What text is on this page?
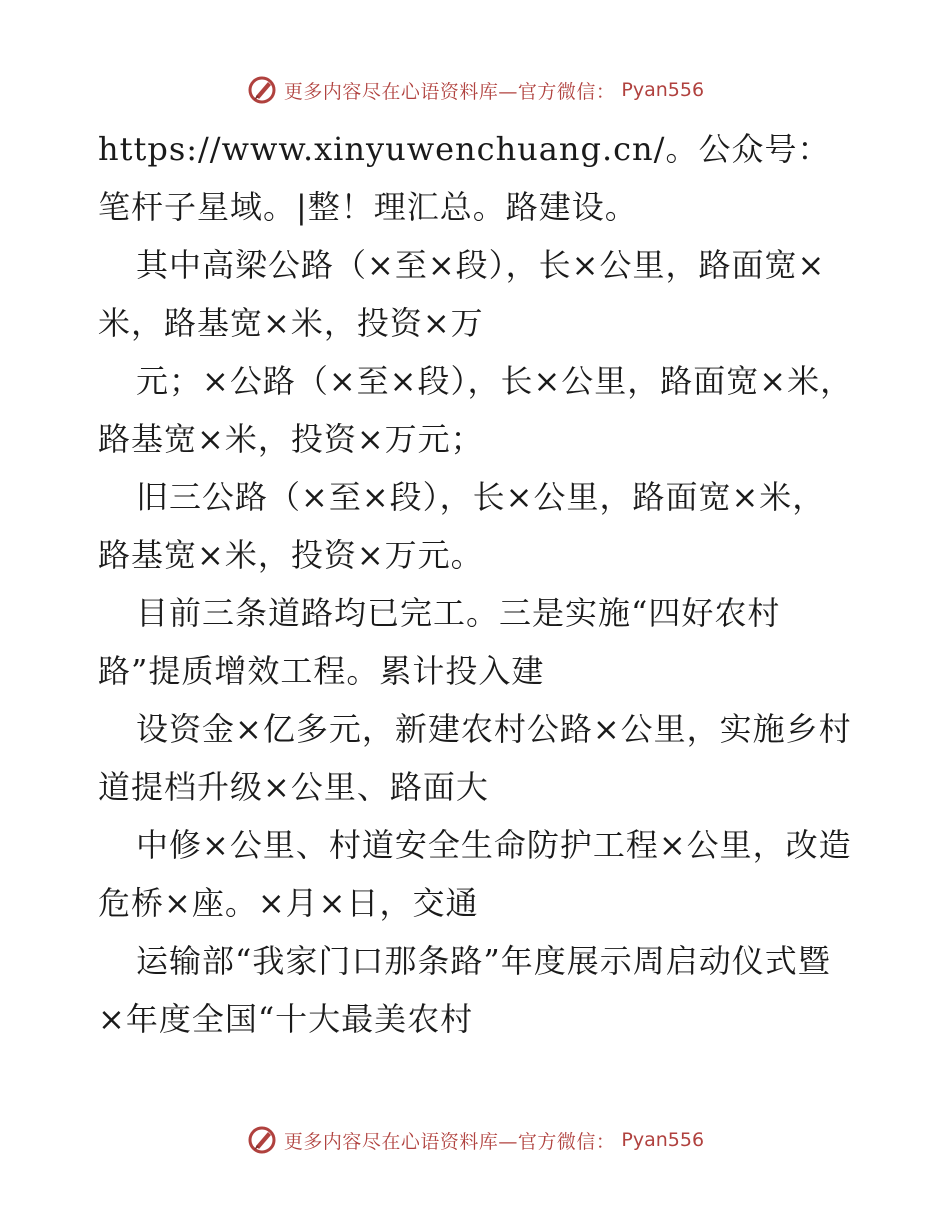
更多内容尽在心语资料库—官方微信： Pyan556

https://www.xinyuwenchuang.cn/。公众号：笔杆子星域。|整！理汇总。路建设。

其中高梁公路（×至×段），长×公里，路面宽×米，路基宽×米，投资×万

元；×公路（×至×段），长×公里，路面宽×米，路基宽×米，投资×万元；

旧三公路（×至×段），长×公里，路面宽×米，路基宽×米，投资×万元。

目前三条道路均已完工。三是实施“四好农村路”提质增效工程。累计投入建

设资金×亿多元，新建农村公路×公里，实施乡村道提档升级×公里、路面大

中修×公里、村道安全生命防护工程×公里，改造危桥×座。×月×日，交通

运输部“我家门口那条路”年度展示周启动仪式暨×年度全国“十大最美农村

更多内容尽在心语资料库—官方微信： Pyan556
